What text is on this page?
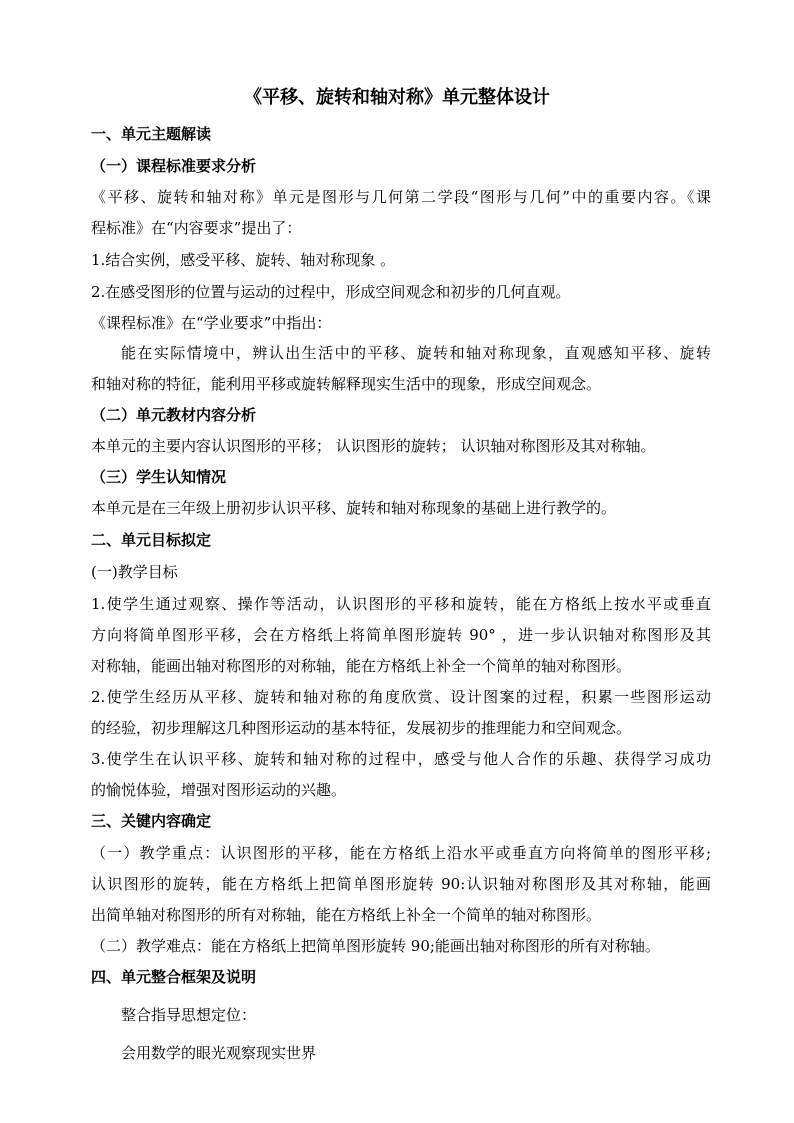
《平移、旋转和轴对称》单元整体设计
一、单元主题解读
（一）课程标准要求分析
《平移、旋转和轴对称》单元是图形与几何第二学段“图形与几何”中的重要内容。《课
程标准》在“内容要求”提出了：
1.结合实例，感受平移、旋转、轴对称现象 。
2.在感受图形的位置与运动的过程中，形成空间观念和初步的几何直观。
《课程标准》在“学业要求”中指出：
能在实际情境中，辨认出生活中的平移、旋转和轴对称现象，直观感知平移、旋转
和轴对称的特征，能利用平移或旋转解释现实生活中的现象，形成空间观念。
（二）单元教材内容分析
本单元的主要内容认识图形的平移； 认识图形的旋转； 认识轴对称图形及其对称轴。
（三）学生认知情况
本单元是在三年级上册初步认识平移、旋转和轴对称现象的基础上进行教学的。
二、单元目标拟定
(一)教学目标
1.使学生通过观察、操作等活动，认识图形的平移和旋转，能在方格纸上按水平或垂直
方向将简单图形平移，会在方格纸上将简单图形旋转 90° ，进一步认识轴对称图形及其
对称轴，能画出轴对称图形的对称轴，能在方格纸上补全一个简单的轴对称图形。
2.使学生经历从平移、旋转和轴对称的角度欣赏、设计图案的过程，积累一些图形运动
的经验，初步理解这几种图形运动的基本特征，发展初步的推理能力和空间观念。
3.使学生在认识平移、旋转和轴对称的过程中，感受与他人合作的乐趣、获得学习成功
的愉悦体验，增强对图形运动的兴趣。
三、关键内容确定
（一）教学重点：认识图形的平移，能在方格纸上沿水平或垂直方向将简单的图形平移;
认识图形的旋转，能在方格纸上把简单图形旋转 90:认识轴对称图形及其对称轴，能画
出简单轴对称图形的所有对称轴，能在方格纸上补全一个简单的轴对称图形。
（二）教学难点：能在方格纸上把简单图形旋转 90;能画出轴对称图形的所有对称轴。
四、单元整合框架及说明
整合指导思想定位：
会用数学的眼光观察现实世界
